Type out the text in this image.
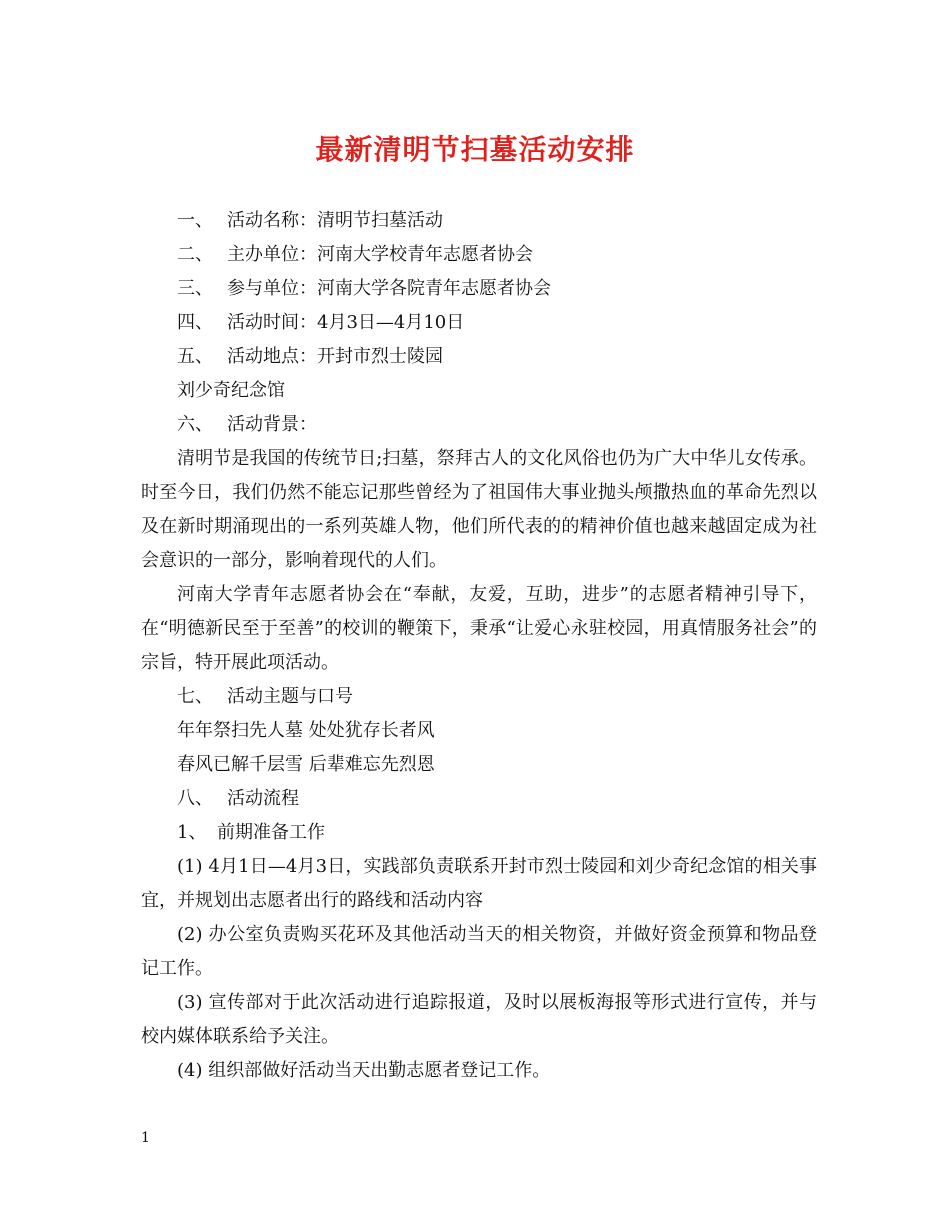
最新清明节扫墓活动安排
一、 活动名称：清明节扫墓活动
二、 主办单位：河南大学校青年志愿者协会
三、 参与单位：河南大学各院青年志愿者协会
四、 活动时间：4月3日—4月10日
五、 活动地点：开封市烈士陵园
刘少奇纪念馆
六、 活动背景：
清明节是我国的传统节日;扫墓，祭拜古人的文化风俗也仍为广大中华儿女传承。时至今日，我们仍然不能忘记那些曾经为了祖国伟大事业抛头颅撒热血的革命先烈以及在新时期涌现出的一系列英雄人物，他们所代表的的精神价值也越来越固定成为社会意识的一部分，影响着现代的人们。
河南大学青年志愿者协会在“奉献，友爱，互助，进步”的志愿者精神引导下，在“明德新民至于至善”的校训的鞭策下，秉承“让爱心永驻校园，用真情服务社会”的宗旨，特开展此项活动。
七、 活动主题与口号
年年祭扫先人墓 处处犹存长者风
春风已解千层雪 后辈难忘先烈恩
八、 活动流程
1、 前期准备工作
(1) 4月1日—4月3日，实践部负责联系开封市烈士陵园和刘少奇纪念馆的相关事宜，并规划出志愿者出行的路线和活动内容
(2) 办公室负责购买花环及其他活动当天的相关物资，并做好资金预算和物品登记工作。
(3) 宣传部对于此次活动进行追踪报道，及时以展板海报等形式进行宣传，并与校内媒体联系给予关注。
(4) 组织部做好活动当天出勤志愿者登记工作。
1
